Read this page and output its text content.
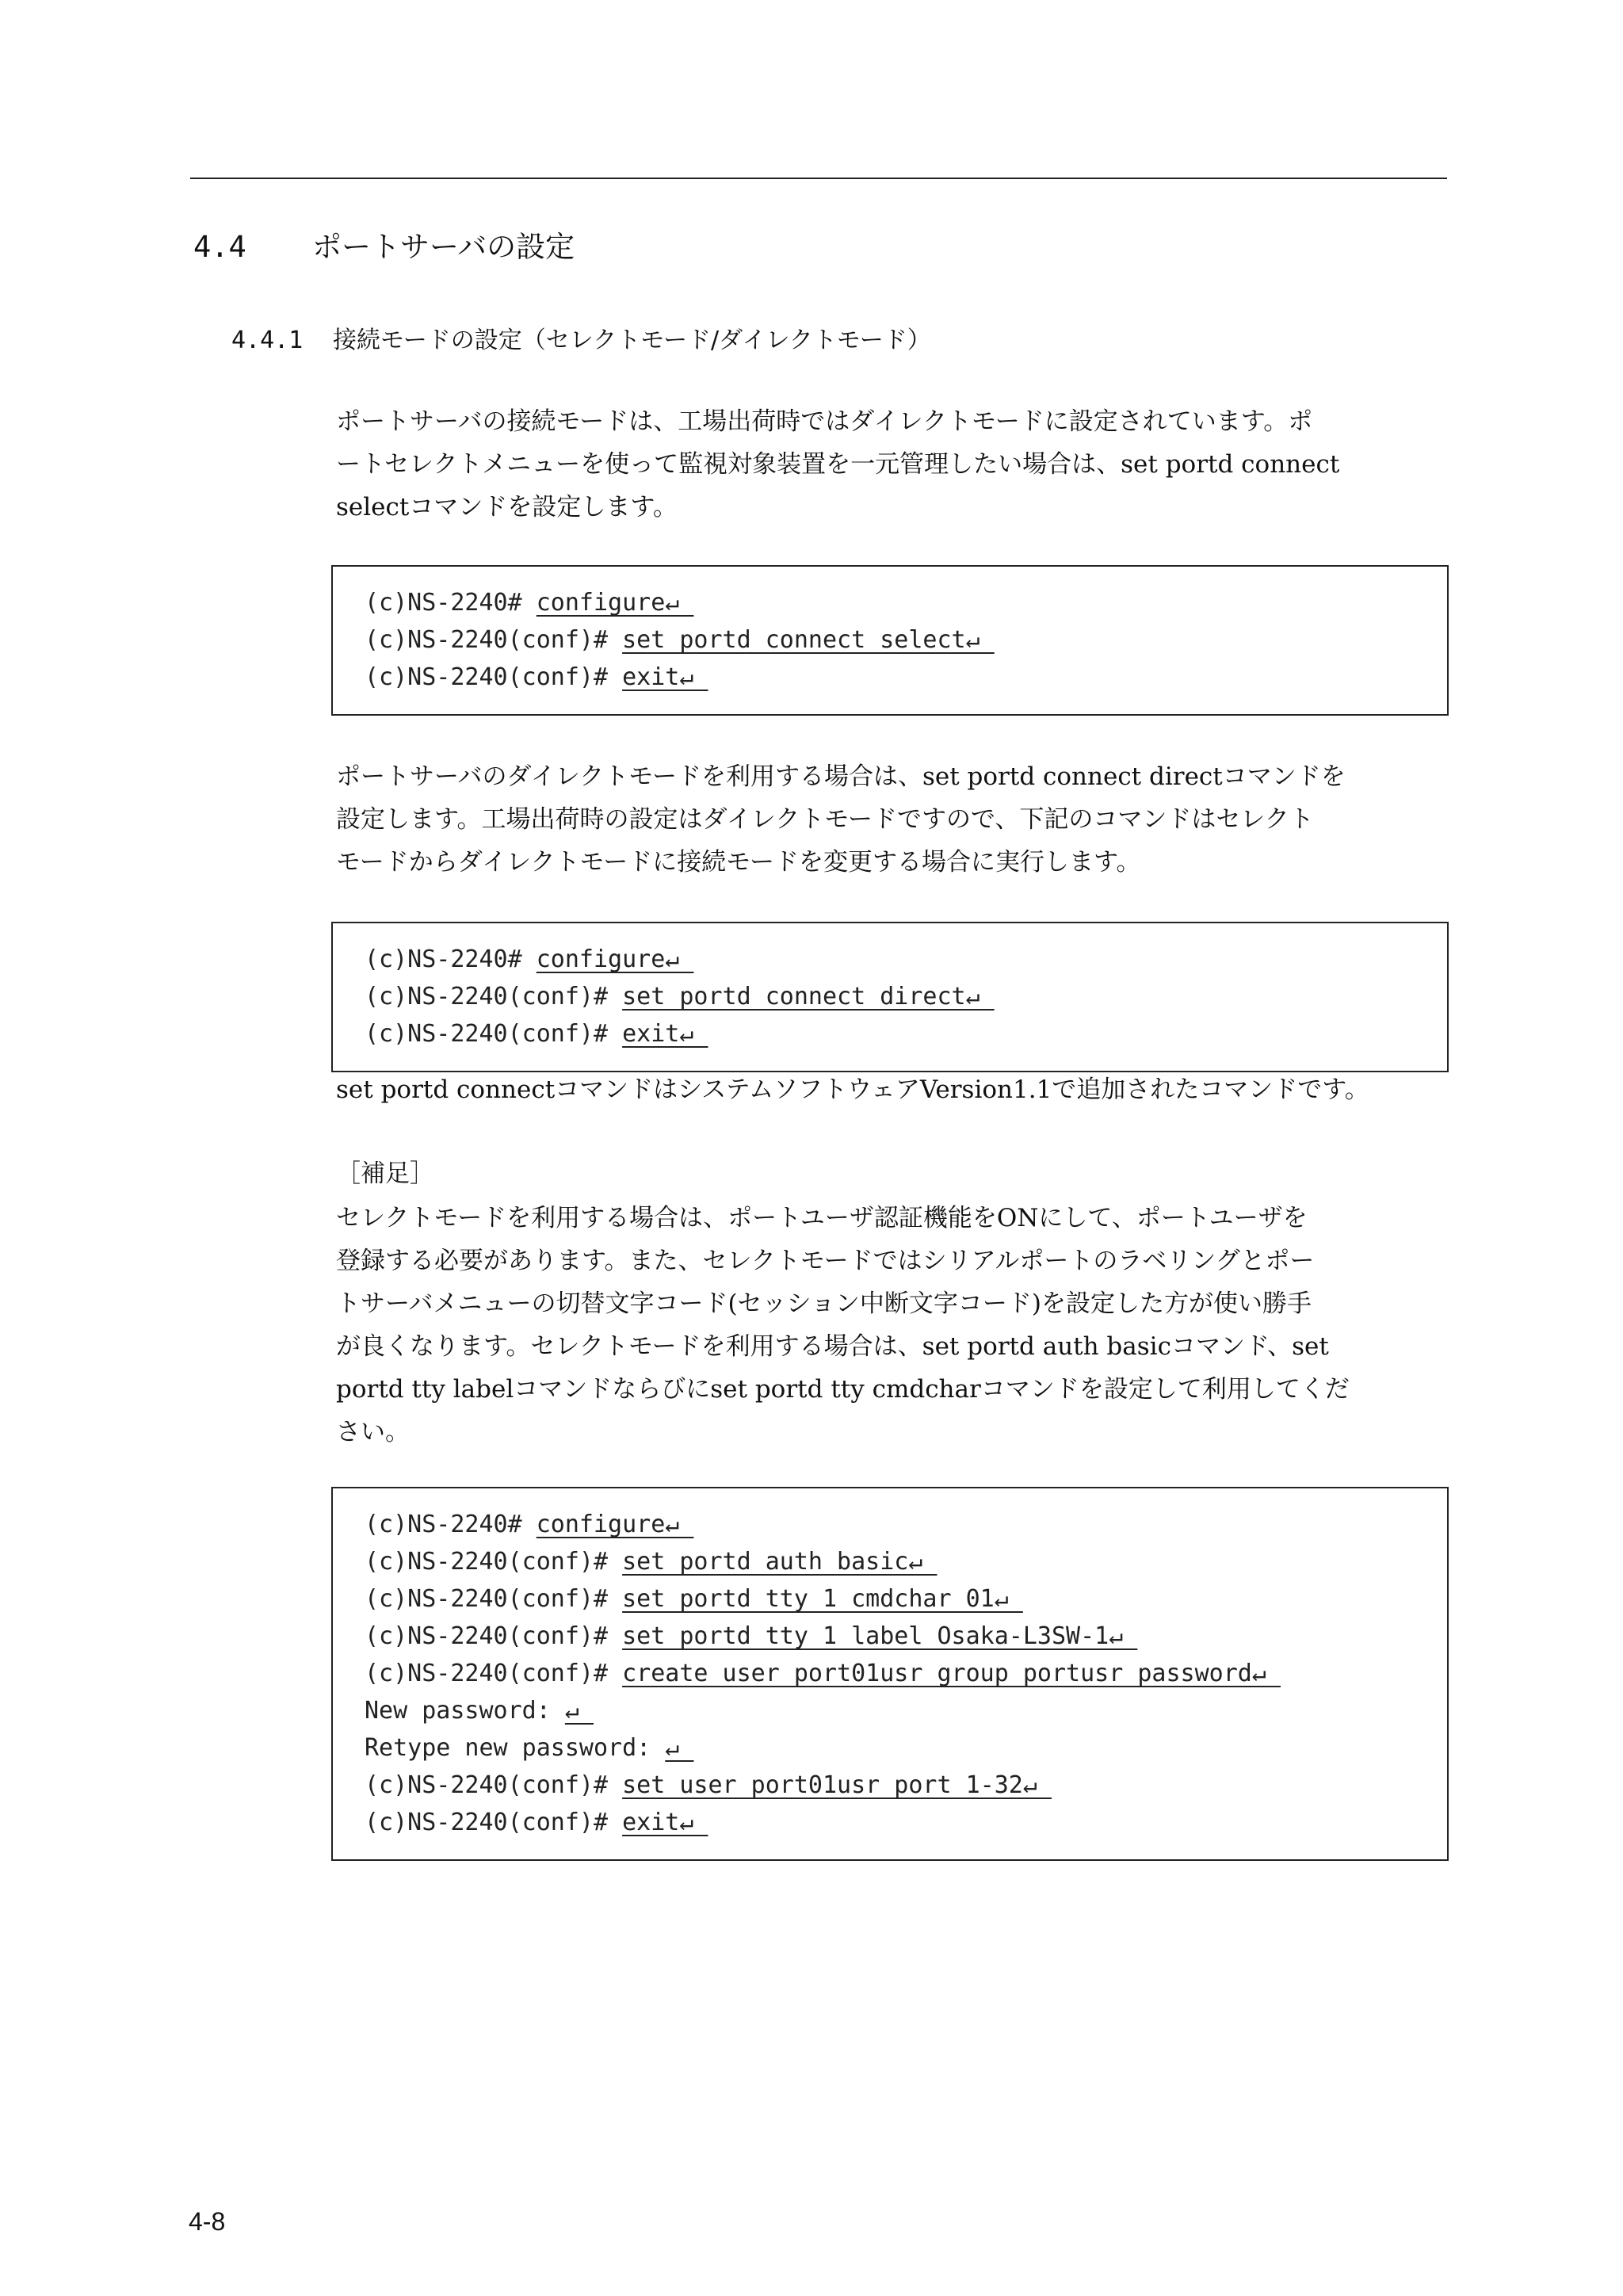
4.4 ポートサーバの設定
4.4.1 接続モードの設定（セレクトモード/ダイレクトモード）
ポートサーバの接続モードは、工場出荷時ではダイレクトモードに設定されています。ポ
ートセレクトメニューを使って監視対象装置を一元管理したい場合は、set portd connect
selectコマンドを設定します。
(c)NS-2240# configure↵
(c)NS-2240(conf)# set portd connect select↵
(c)NS-2240(conf)# exit↵
ポートサーバのダイレクトモードを利用する場合は、set portd connect directコマンドを
設定します。工場出荷時の設定はダイレクトモードですので、下記のコマンドはセレクト
モードからダイレクトモードに接続モードを変更する場合に実行します。
(c)NS-2240# configure↵
(c)NS-2240(conf)# set portd connect direct↵
(c)NS-2240(conf)# exit↵
set portd connectコマンドはシステムソフトウェアVersion1.1で追加されたコマンドです。
［補足］
セレクトモードを利用する場合は、ポートユーザ認証機能をONにして、ポートユーザを
登録する必要があります。また、セレクトモードではシリアルポートのラベリングとポー
トサーバメニューの切替文字コード(セッション中断文字コード)を設定した方が使い勝手
が良くなります。セレクトモードを利用する場合は、set portd auth basicコマンド、set
portd tty labelコマンドならびにset portd tty cmdcharコマンドを設定して利用してくだ
さい。
(c)NS-2240# configure↵
(c)NS-2240(conf)# set portd auth basic↵
(c)NS-2240(conf)# set portd tty 1 cmdchar 01↵
(c)NS-2240(conf)# set portd tty 1 label Osaka-L3SW-1↵
(c)NS-2240(conf)# create user port01usr group portusr password↵
New password: ↵
Retype new password: ↵
(c)NS-2240(conf)# set user port01usr port 1-32↵
(c)NS-2240(conf)# exit↵
4-8
